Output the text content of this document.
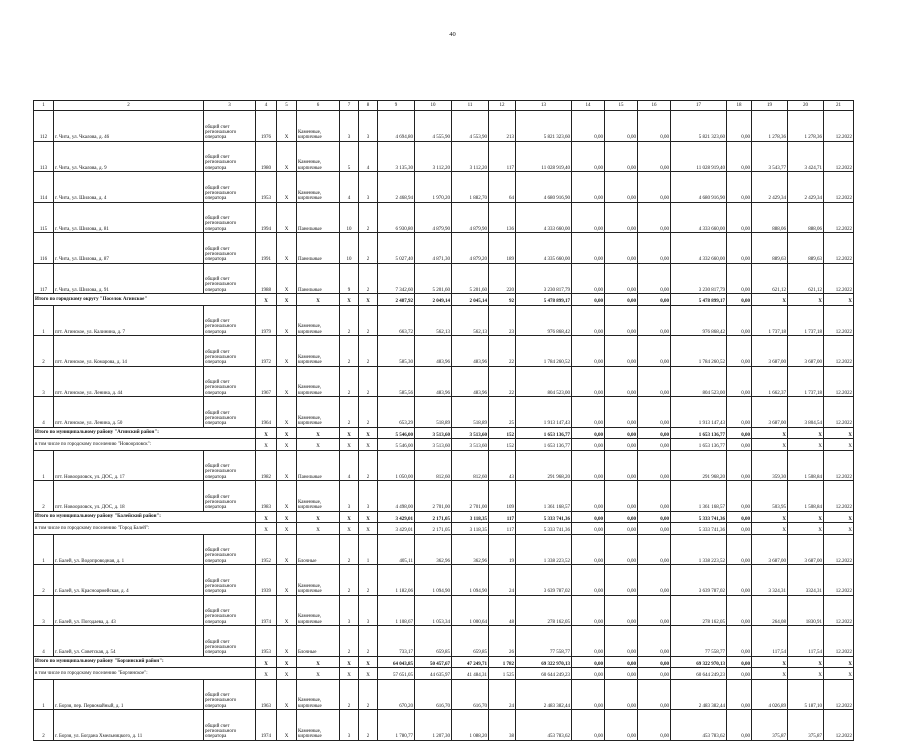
40
1	2	3	4	5	6	7	8	9	10	11	12	13	14	15	16	17	18	19	20	21
112	г. Чита, ул. Чкалова, д. 46	общий счет регионального оператора	1976	X	Каменные, кирпичные	3	3	4 694,80	4 555,90	4 553,90	213	5 821 323,60	0,00	0,00	0,00	5 821 323,60	0,00	1 278,36	1 278,36	12.2022
113	г. Чита, ул. Чкалова, д. 9	общий счет регионального оператора	1980	X	Каменные, кирпичные	5	4	3 135,30	3 112,20	3 112,20	117	11 028 919,40	0,00	0,00	0,00	11 028 919,40	0,00	3 543,77	3 424,71	12.2022
114	г. Чита, ул. Шилова, д. 4	общий счет регионального оператора	1953	X	Каменные, кирпичные	4	3	2 468,94	1 970,20	1 882,70	64	4 680 916,90	0,00	0,00	0,00	4 680 916,90	0,00	2 429,34	2 429,34	12.2022
115	г. Чита, ул. Шилова, д. 81	общий счет регионального оператора	1994	X	Панельные	10	2	6 930,80	4 879,90	4 879,90	136	4 333 660,00	0,00	0,00	0,00	4 333 660,00	0,00	888,06	888,06	12.2022
116	г. Чита, ул. Шилова, д. 87	общий счет регионального оператора	1991	X	Панельные	10	2	5 027,40	4 871,30	4 879,20	189	4 335 660,00	0,00	0,00	0,00	4 332 660,00	0,00	889,63	889,63	12.2022
117	г. Чита, ул. Шилова, д. 91	общий счет регионального оператора	1988	X	Панельные	9	2	7 342,60	5 201,60	5 201,60	220	3 230 817,79	0,00	0,00	0,00	3 230 817,79	0,00	621,12	621,12	12.2022
Итого по городскому округу "Поселок Агинское"			X	X	X	X	X	2 487,92	2 049,14	2 045,14	92	5 478 899,17	0,00	0,00	0,00	5 478 899,17	0,00	X	X	X
1	пгт. Агинское, ул. Калинина, д. 7	общий счет регионального оператора	1979	X	Каменные, кирпичные	2	2	663,72	562,13	562,13	23	976 868,42	0,00	0,00	0,00	976 868,42	0,00	1 737,18	1 737,18	12.2022
2	пгт. Агинское, ул. Комарова, д. 14	общий счет регионального оператора	1972	X	Каменные, кирпичные	2	2	585,30	483,96	483,96	22	1 784 260,52	0,00	0,00	0,00	1 784 260,52	0,00	3 687,00	3 687,00	12.2022
3	пгт. Агинское, ул. Ленина, д. 44	общий счет регионального оператора	1967	X	Каменные, кирпичные	2	2	585,56	483,96	483,96	22	804 523,00	0,00	0,00	0,00	804 523,00	0,00	1 662,37	1 737,18	12.2022
4	пгт. Агинское, ул. Ленина, д. 50	общий счет регионального оператора	1964	X	Каменные, кирпичные	2	2	653,29	518,89	518,89	25	1 913 147,43	0,00	0,00	0,00	1 913 147,43	0,00	3 687,00	3 804,54	12.2022
Итого по муниципальному району "Агинский район":			X	X	X	X	X	5 546,00	3 513,60	3 513,60	152	1 653 136,77	0,00	0,00	0,00	1 653 136,77	0,00	X	X	X
в том числе по городскому поселению "Новоорловск":			X	X	X	X	X	5 546,00	3 513,60	3 513,60	152	1 653 136,77	0,00	0,00	0,00	1 653 136,77	0,00	X	X	X
1	пгт. Новоорловск, ул. ДОС, д. 17	общий счет регионального оператора	1982	X	Панельные	4	2	1 050,00	812,60	812,60	43	291 968,20	0,00	0,00	0,00	291 968,20	0,00	359,30	1 508,84	12.2022
2	пгт. Новоорловск, ул. ДОС, д. 18	общий счет регионального оператора	1983	X	Каменные, кирпичные	3	3	4 498,00	2 701,00	2 701,00	109	1 361 168,57	0,00	0,00	0,00	1 361 168,57	0,00	503,95	1 508,84	12.2022
Итого по муниципальному району "Балейский район":			X	X	X	X	X	3 429,01	2 171,05	3 118,35	117	5 333 741,36	0,00	0,00	0,00	5 333 741,36	0,00	X	X	X
в том числе по городскому поселению "Город Балей":			X	X	X	X	X	3 429,01	2 171,05	3 118,35	117	5 333 741,36	0,00	0,00	0,00	5 333 741,36	0,00	X	X	X
1	г. Балей, ул. Водопроводная, д. 1	общий счет регионального оператора	1952	X	Блочные	2	1	405,11	362,96	362,96	19	1 338 223,52	0,00	0,00	0,00	1 338 223,52	0,00	3 687,00	3 687,00	12.2022
2	г. Балей, ул. Красноармейская, д. 4	общий счет регионального оператора	1939	X	Каменные, кирпичные	2	2	1 182,06	1 094,90	1 094,90	24	3 639 787,02	0,00	0,00	0,00	3 639 787,02	0,00	3 324,31	3324,31	12.2022
3	г. Балей, ул. Погодаева, д. 43	общий счет регионального оператора	1974	X	Каменные, кирпичные	3	3	1 108,67	1 053,34	1 000,64	48	278 162,05	0,00	0,00	0,00	278 162,05	0,00	264,08	1830,91	12.2022
4	г. Балей, ул. Советская, д. 54	общий счет регионального оператора	1953	X	Блочные	2	2	733,17	659,85	659,85	26	77 558,77	0,00	0,00	0,00	77 558,77	0,00	117,54	117,54	12.2022
Итого по муниципальному району "Борзинский район":			X	X	X	X	X	64 043,85	50 457,67	47 249,71	1 782	69 322 970,13	0,00	0,00	0,00	69 322 970,13	0,00	X	X	X
в том числе по городскому поселению "Борзинское":			X	X	X	X	X	57 651,05	44 635,97	41 484,31	1 525	60 644 249,23	0,00	0,00	0,00	60 644 249,23	0,00	X	X	X
1	г. Борзя, пер. Первомайный, д. 1	общий счет регионального оператора	1963	X	Каменные, кирпичные	2	2	670,20	616,70	616,70	24	2 483 382,44	0,00	0,00	0,00	2 483 382,44	0,00	4 026,89	5 187,10	12.2022
2	г. Борзя, ул. Богдана Хмельницкого, д. 11	общий счет регионального оператора	1974	X	Каменные, кирпичные	3	2	1 780,77	1 207,30	1 088,20	38	453 783,62	0,00	0,00	0,00	453 783,62	0,00	375,87	375,87	12.2022
